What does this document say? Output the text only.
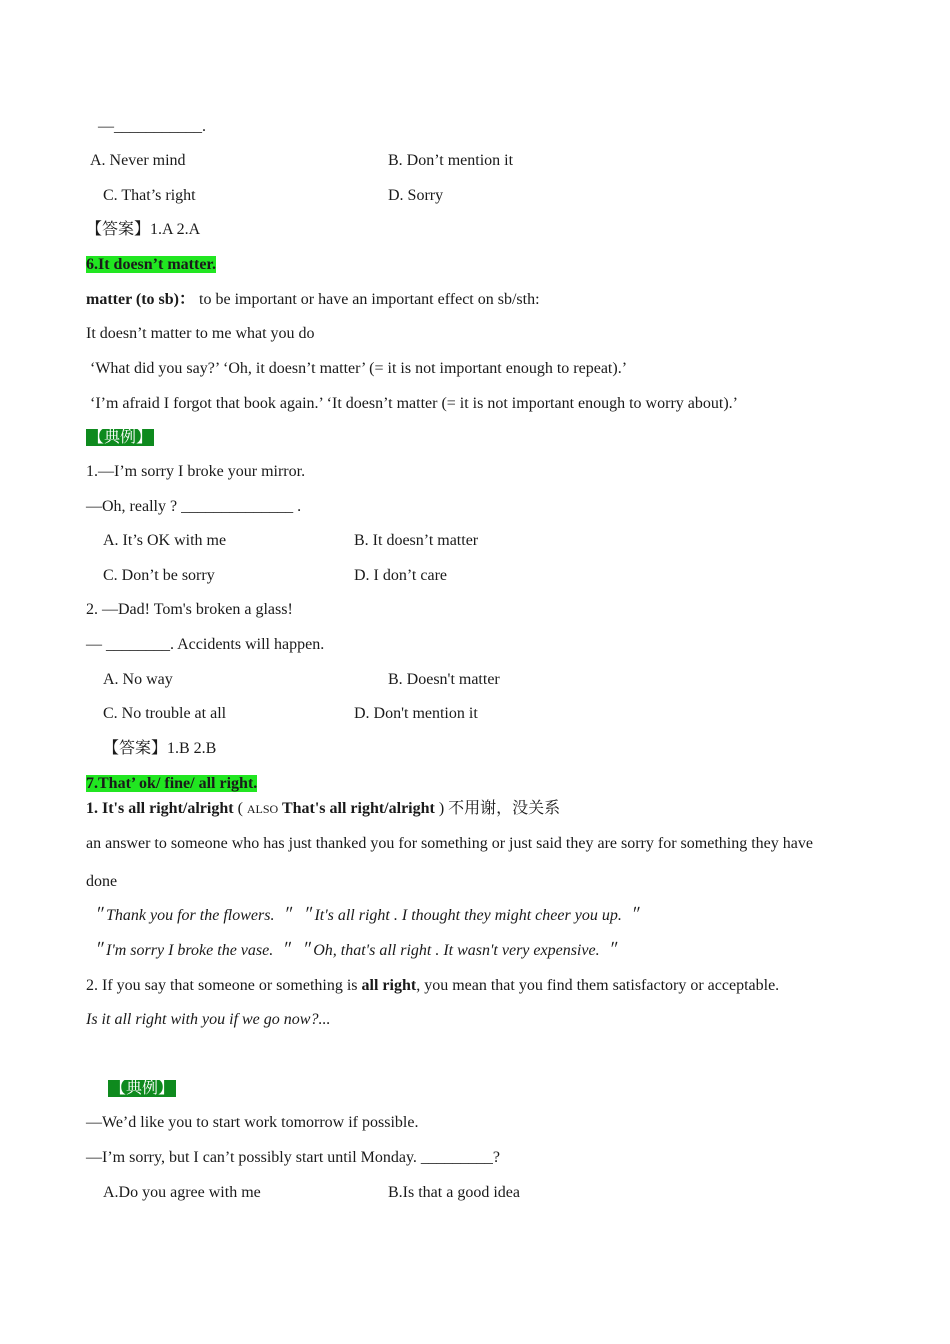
—___________.
A. Never mind	B. Don’t mention it
C. That’s right	D. Sorry
【答案】1.A 2.A
6.It doesn’t matter.
matter (to sb)： to be important or have an important effect on sb/sth:
It doesn’t matter to me what you do
‘What did you say?’ ‘Oh, it doesn’t matter’ (= it is not important enough to repeat).’
‘I’m afraid I forgot that book again.’ ‘It doesn’t matter (= it is not important enough to worry about).’
【典例】
1.—I’m sorry I broke your mirror.
—Oh, really ? ______________ .
A. It’s OK with me	B. It doesn’t matter
C. Don’t be sorry	D. I don’t care
2. —Dad! Tom's broken a glass!
— ________. Accidents will happen.
A. No way	B. Doesn't matter
C. No trouble at all	D. Don't mention it
【答案】1.B 2.B
7.That’ ok/ fine/ all right.
1. It's all right/alright ( ALSO That's all right/alright ) 不用谢，没关系
an answer to someone who has just thanked you for something or just said they are sorry for something they have
done
＂Thank you for the flowers. ＂ ＂It's all right . I thought they might cheer you up. ＂
＂I'm sorry I broke the vase. ＂ ＂Oh, that's all right . It wasn't very expensive. ＂
2. If you say that someone or something is all right, you mean that you find them satisfactory or acceptable.
Is it all right with you if we go now?...
【典例】
—We’d like you to start work tomorrow if possible.
—I’m sorry, but I can’t possibly start until Monday. _________?
A.Do you agree with me	B.Is that a good idea
